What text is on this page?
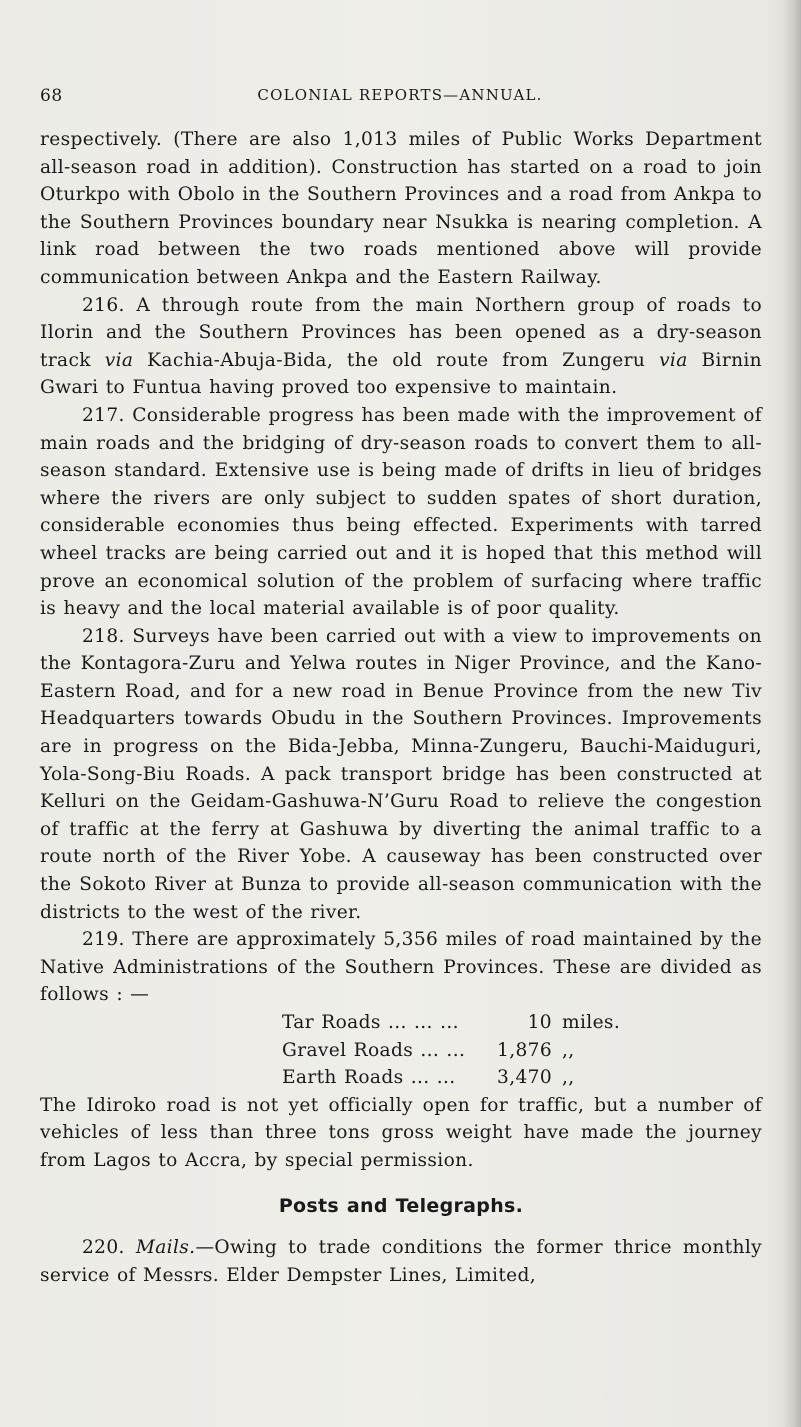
68	COLONIAL REPORTS—ANNUAL.

respectively. (There are also 1,013 miles of Public Works Department all-season road in addition). Construction has started on a road to join Oturkpo with Obolo in the Southern Provinces and a road from Ankpa to the Southern Provinces boundary near Nsukka is nearing completion. A link road between the two roads mentioned above will provide communication between Ankpa and the Eastern Railway.

216. A through route from the main Northern group of roads to Ilorin and the Southern Provinces has been opened as a dry-season track via Kachia-Abuja-Bida, the old route from Zungeru via Birnin Gwari to Funtua having proved too expensive to maintain.

217. Considerable progress has been made with the improvement of main roads and the bridging of dry-season roads to convert them to all-season standard. Extensive use is being made of drifts in lieu of bridges where the rivers are only subject to sudden spates of short duration, considerable economies thus being effected. Experiments with tarred wheel tracks are being carried out and it is hoped that this method will prove an economical solution of the problem of surfacing where traffic is heavy and the local material available is of poor quality.

218. Surveys have been carried out with a view to improvements on the Kontagora-Zuru and Yelwa routes in Niger Province, and the Kano-Eastern Road, and for a new road in Benue Province from the new Tiv Headquarters towards Obudu in the Southern Provinces. Improvements are in progress on the Bida-Jebba, Minna-Zungeru, Bauchi-Maiduguri, Yola-Song-Biu Roads. A pack transport bridge has been constructed at Kelluri on the Geidam-Gashuwa-N’Guru Road to relieve the congestion of traffic at the ferry at Gashuwa by diverting the animal traffic to a route north of the River Yobe. A causeway has been constructed over the Sokoto River at Bunza to provide all-season communication with the districts to the west of the river.

219. There are approximately 5,356 miles of road maintained by the Native Administrations of the Southern Provinces. These are divided as follows : —

Tar Roads ... ... ...	10	miles.
Gravel Roads ... ...	1,876	,,
Earth Roads ... ...	3,470	,,

The Idiroko road is not yet officially open for traffic, but a number of vehicles of less than three tons gross weight have made the journey from Lagos to Accra, by special permission.

Posts and Telegraphs.

220. Mails.—Owing to trade conditions the former thrice monthly service of Messrs. Elder Dempster Lines, Limited,
